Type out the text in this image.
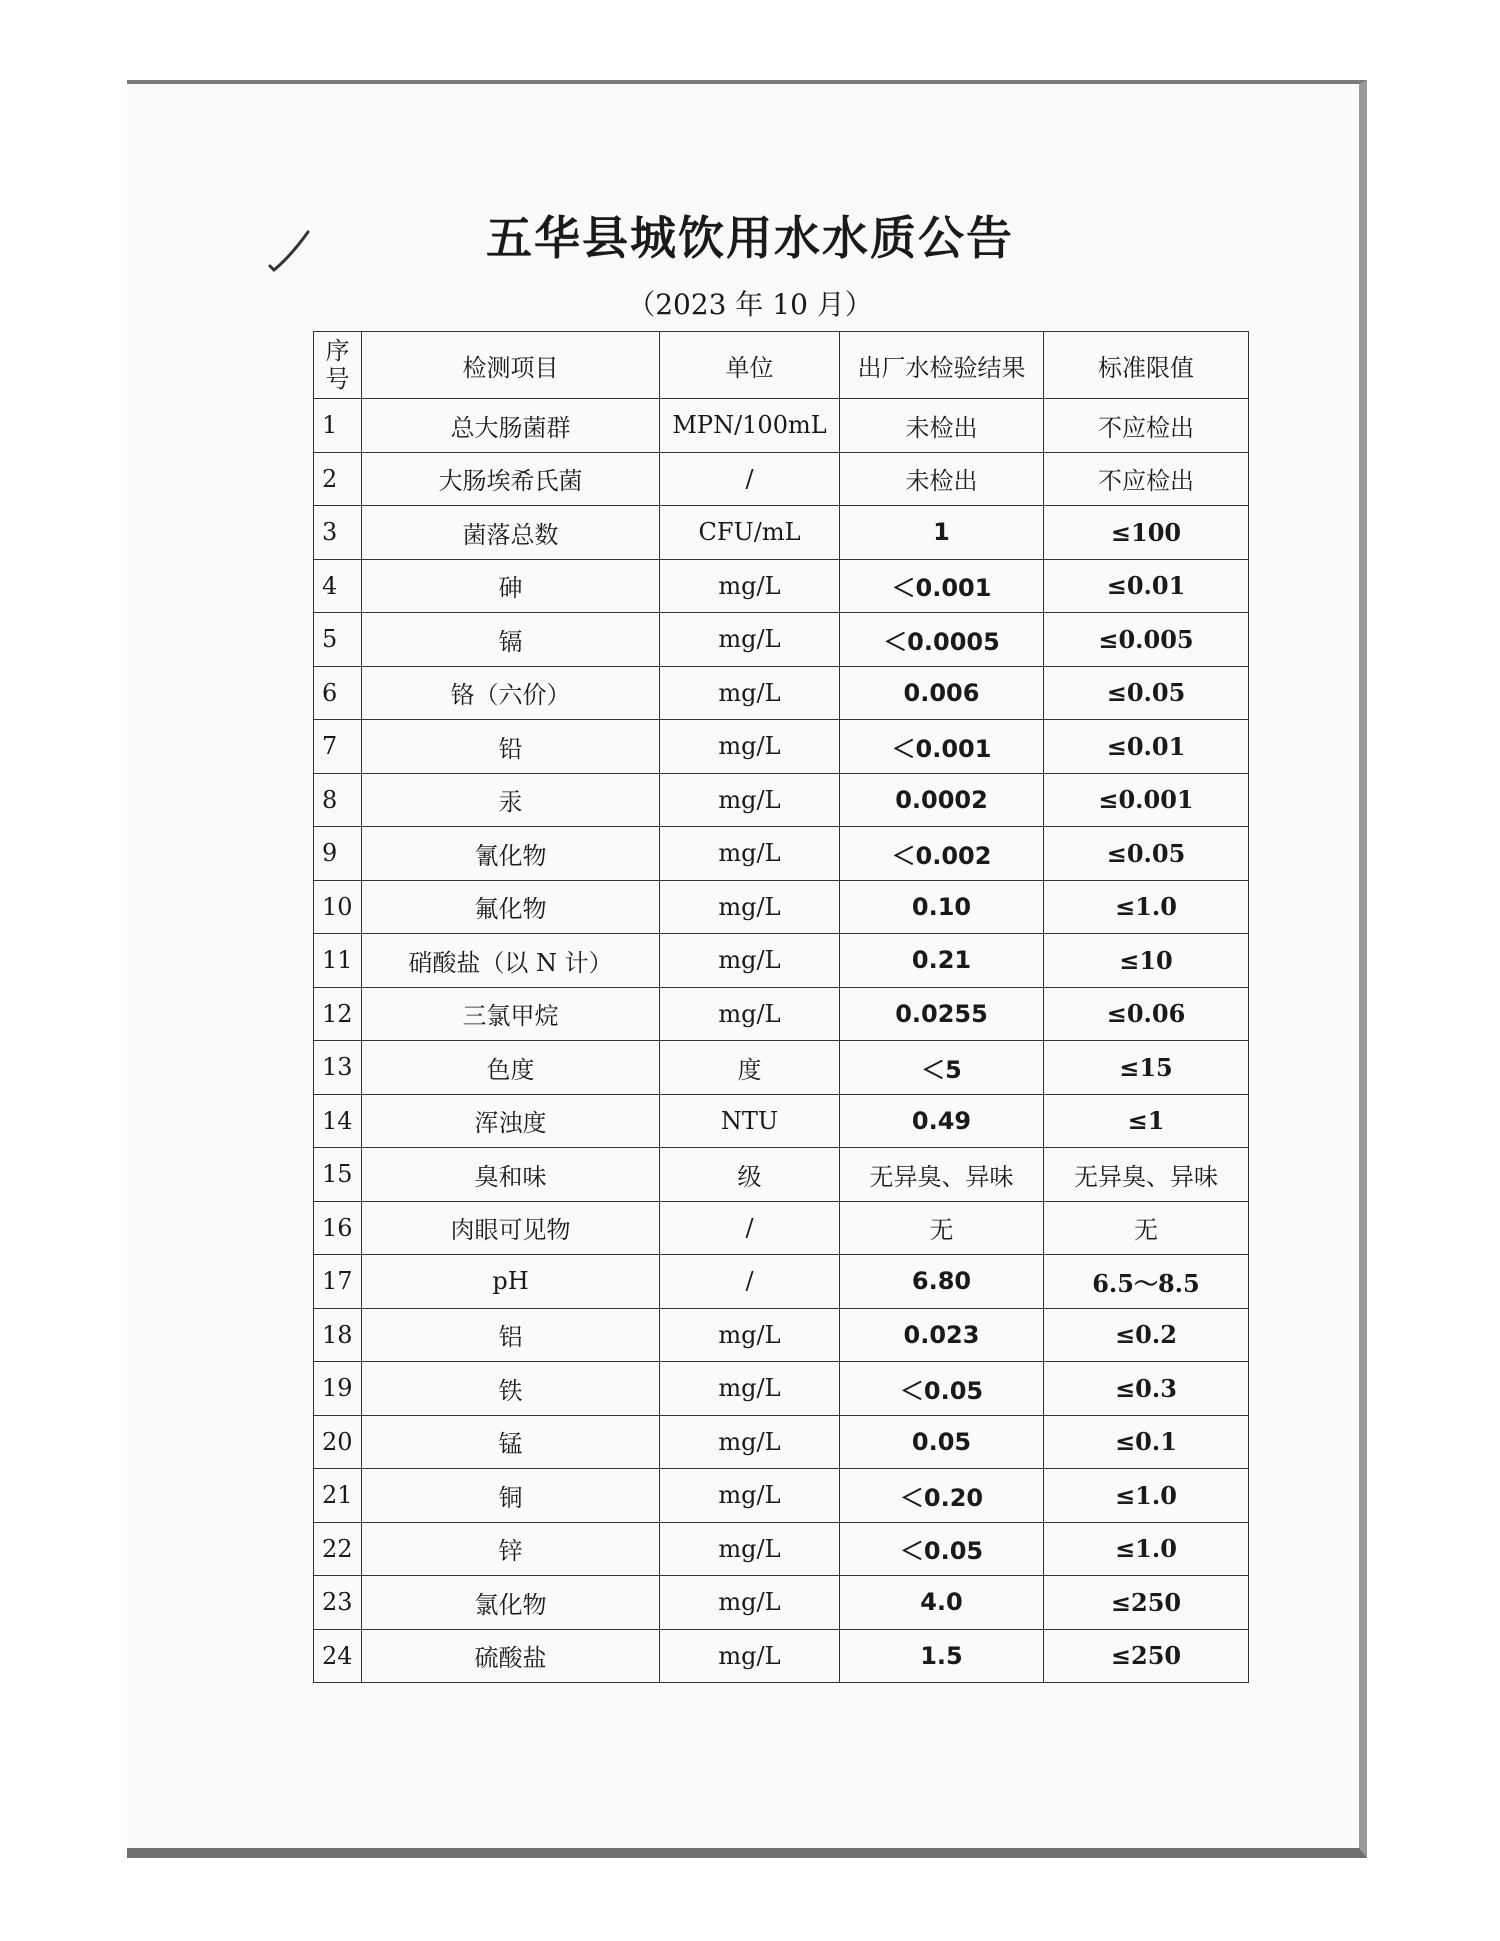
五华县城饮用水水质公告
（2023 年 10 月）
序号	检测项目	单位	出厂水检验结果	标准限值
1	总大肠菌群	MPN/100mL	未检出	不应检出
2	大肠埃希氏菌	/	未检出	不应检出
3	菌落总数	CFU/mL	1	≤100
4	砷	mg/L	＜0.001	≤0.01
5	镉	mg/L	＜0.0005	≤0.005
6	铬（六价）	mg/L	0.006	≤0.05
7	铅	mg/L	＜0.001	≤0.01
8	汞	mg/L	0.0002	≤0.001
9	氰化物	mg/L	＜0.002	≤0.05
10	氟化物	mg/L	0.10	≤1.0
11	硝酸盐（以 N 计）	mg/L	0.21	≤10
12	三氯甲烷	mg/L	0.0255	≤0.06
13	色度	度	＜5	≤15
14	浑浊度	NTU	0.49	≤1
15	臭和味	级	无异臭、异味	无异臭、异味
16	肉眼可见物	/	无	无
17	pH	/	6.80	6.5～8.5
18	铝	mg/L	0.023	≤0.2
19	铁	mg/L	＜0.05	≤0.3
20	锰	mg/L	0.05	≤0.1
21	铜	mg/L	＜0.20	≤1.0
22	锌	mg/L	＜0.05	≤1.0
23	氯化物	mg/L	4.0	≤250
24	硫酸盐	mg/L	1.5	≤250
